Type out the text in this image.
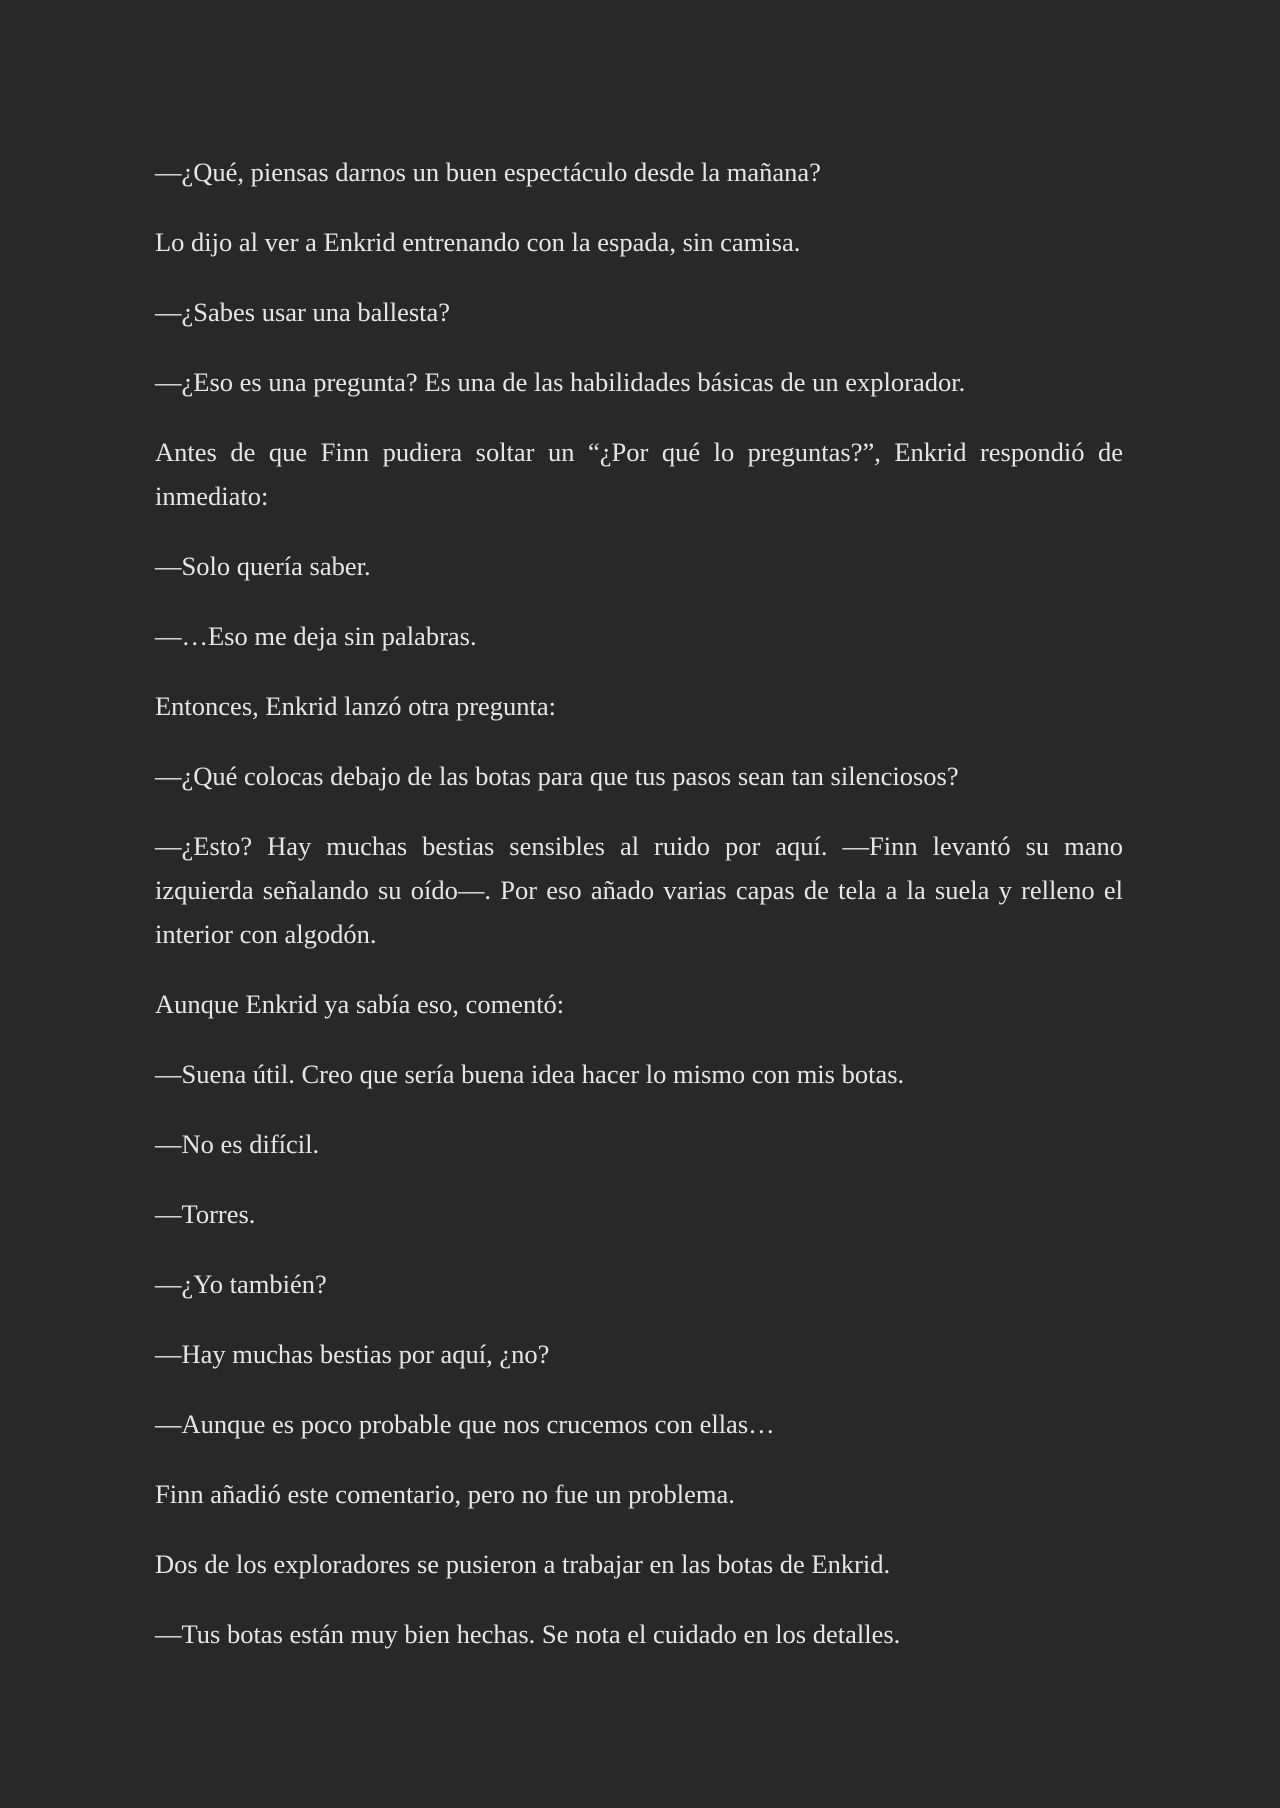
—¿Qué, piensas darnos un buen espectáculo desde la mañana?

Lo dijo al ver a Enkrid entrenando con la espada, sin camisa.

—¿Sabes usar una ballesta?

—¿Eso es una pregunta? Es una de las habilidades básicas de un explorador.

Antes de que Finn pudiera soltar un “¿Por qué lo preguntas?”, Enkrid respondió de inmediato:

—Solo quería saber.

—…Eso me deja sin palabras.

Entonces, Enkrid lanzó otra pregunta:

—¿Qué colocas debajo de las botas para que tus pasos sean tan silenciosos?

—¿Esto? Hay muchas bestias sensibles al ruido por aquí. —Finn levantó su mano izquierda señalando su oído—. Por eso añado varias capas de tela a la suela y relleno el interior con algodón.

Aunque Enkrid ya sabía eso, comentó:

—Suena útil. Creo que sería buena idea hacer lo mismo con mis botas.

—No es difícil.

—Torres.

—¿Yo también?

—Hay muchas bestias por aquí, ¿no?

—Aunque es poco probable que nos crucemos con ellas…

Finn añadió este comentario, pero no fue un problema.

Dos de los exploradores se pusieron a trabajar en las botas de Enkrid.

—Tus botas están muy bien hechas. Se nota el cuidado en los detalles.
